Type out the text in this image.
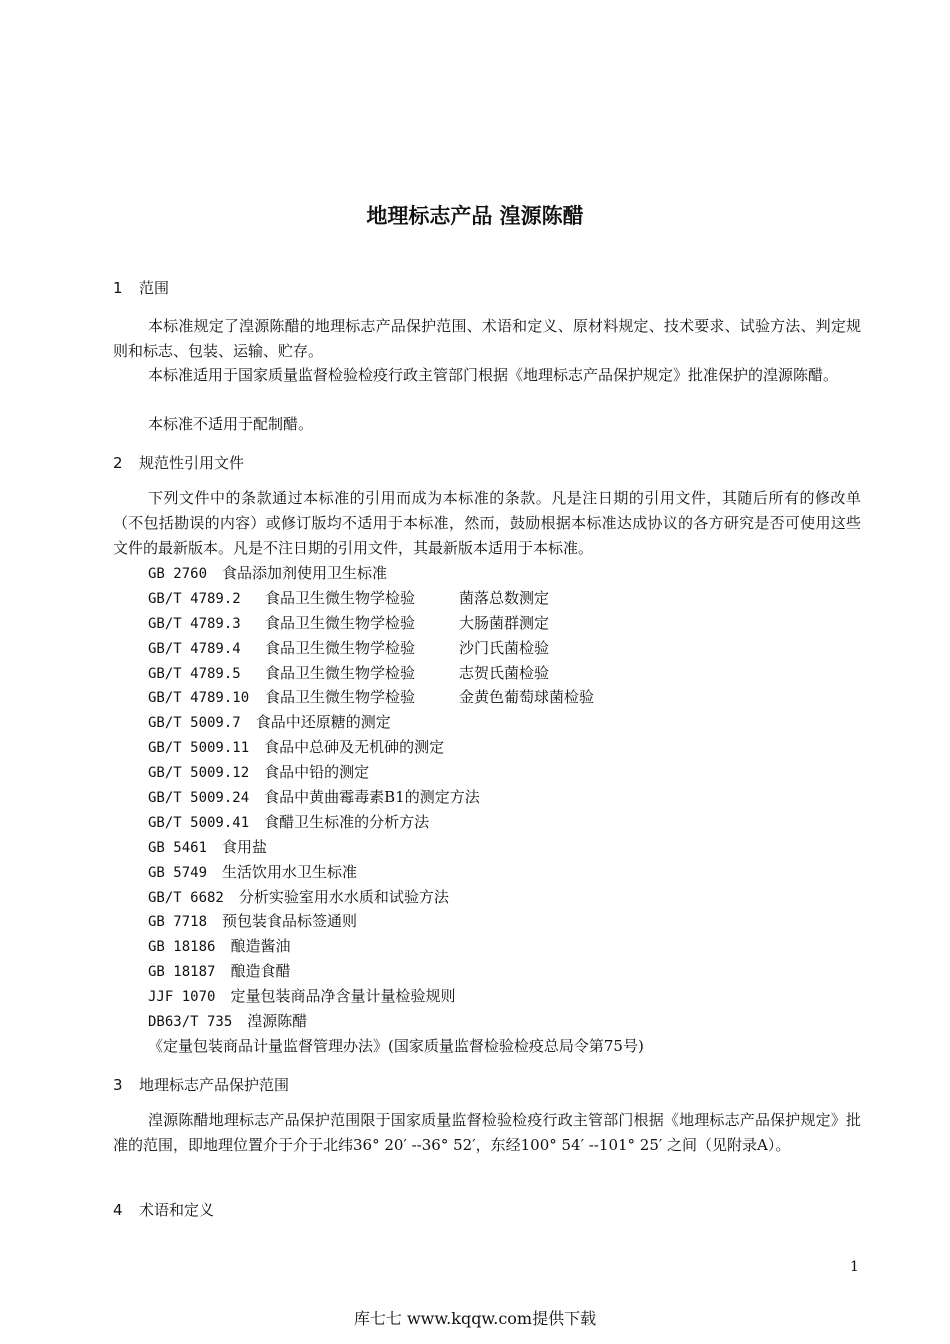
地理标志产品 湟源陈醋
1 范围
本标准规定了湟源陈醋的地理标志产品保护范围、术语和定义、原材料规定、技术要求、试验方法、判定规则和标志、包装、运输、贮存。
本标准适用于国家质量监督检验检疫行政主管部门根据《地理标志产品保护规定》批准保护的湟源陈醋。
本标准不适用于配制醋。
2 规范性引用文件
下列文件中的条款通过本标准的引用而成为本标准的条款。凡是注日期的引用文件，其随后所有的修改单（不包括勘误的内容）或修订版均不适用于本标准，然而，鼓励根据本标准达成协议的各方研究是否可使用这些文件的最新版本。凡是不注日期的引用文件，其最新版本适用于本标准。
GB 2760 食品添加剂使用卫生标准
GB/T 4789.2 食品卫生微生物学检验	菌落总数测定
GB/T 4789.3 食品卫生微生物学检验	大肠菌群测定
GB/T 4789.4 食品卫生微生物学检验	沙门氏菌检验
GB/T 4789.5 食品卫生微生物学检验	志贺氏菌检验
GB/T 4789.10 食品卫生微生物学检验	金黄色葡萄球菌检验
GB/T 5009.7 食品中还原糖的测定
GB/T 5009.11 食品中总砷及无机砷的测定
GB/T 5009.12 食品中铅的测定
GB/T 5009.24 食品中黄曲霉毒素B1的测定方法
GB/T 5009.41 食醋卫生标准的分析方法
GB 5461 食用盐
GB 5749 生活饮用水卫生标准
GB/T 6682 分析实验室用水水质和试验方法
GB 7718 预包装食品标签通则
GB 18186 酿造酱油
GB 18187 酿造食醋
JJF 1070 定量包装商品净含量计量检验规则
DB63/T 735 湟源陈醋
《定量包装商品计量监督管理办法》(国家质量监督检验检疫总局令第75号)
3 地理标志产品保护范围
湟源陈醋地理标志产品保护范围限于国家质量监督检验检疫行政主管部门根据《地理标志产品保护规定》批准的范围，即地理位置介于介于北纬36° 20′ --36° 52′，东经100° 54′ --101° 25′ 之间（见附录A）。
4 术语和定义
1
库七七 www.kqqw.com提供下载
